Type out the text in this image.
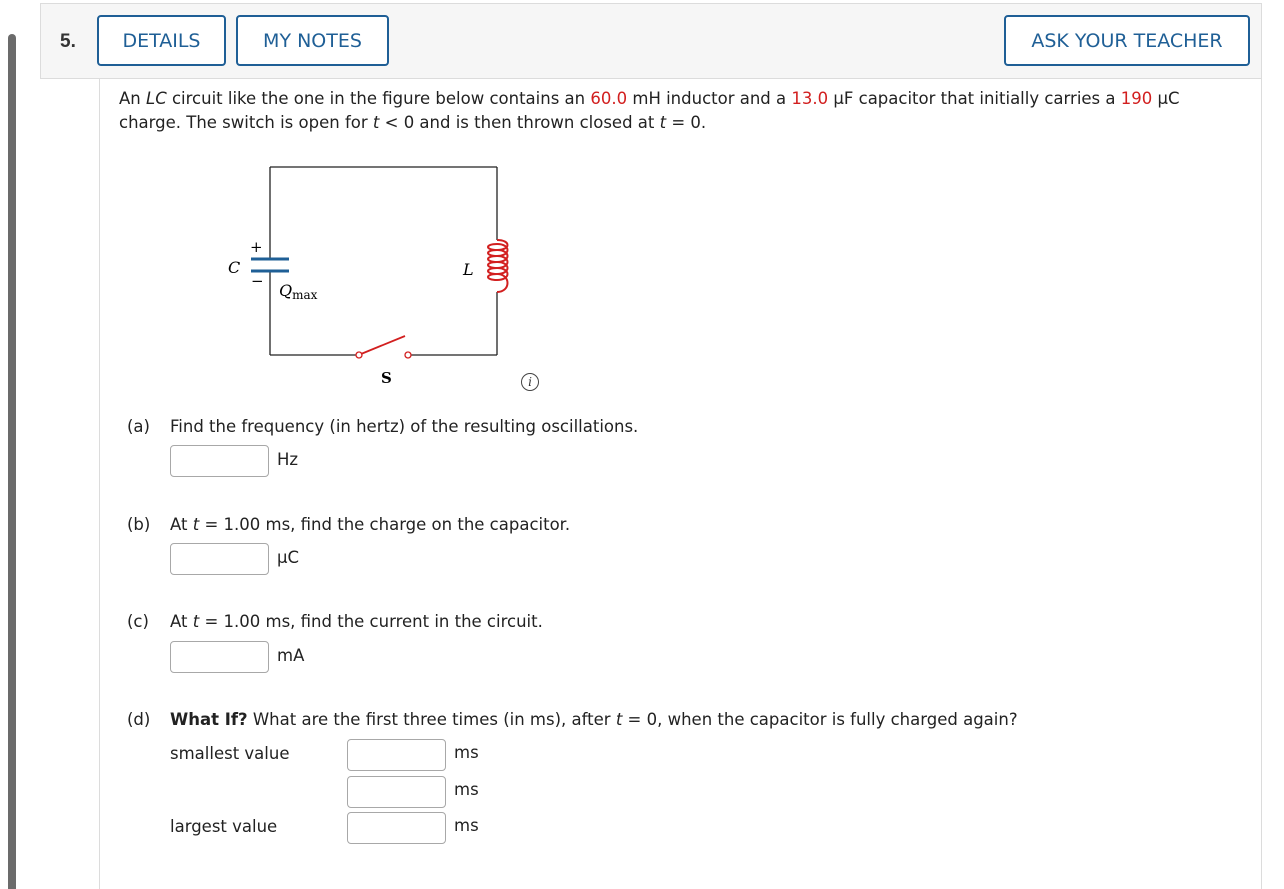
5.	DETAILS	MY NOTES	ASK YOUR TEACHER
An LC circuit like the one in the figure below contains an 60.0 mH inductor and a 13.0 μF capacitor that initially carries a 190 μC
charge. The switch is open for t < 0 and is then thrown closed at t = 0.
C
+
− Qmax
L
S	i
(a) Find the frequency (in hertz) of the resulting oscillations.
Hz
(b) At t = 1.00 ms, find the charge on the capacitor.
μC
(c) At t = 1.00 ms, find the current in the circuit.
mA
(d) What If? What are the first three times (in ms), after t = 0, when the capacitor is fully charged again?
smallest value	ms
ms
largest value	ms
